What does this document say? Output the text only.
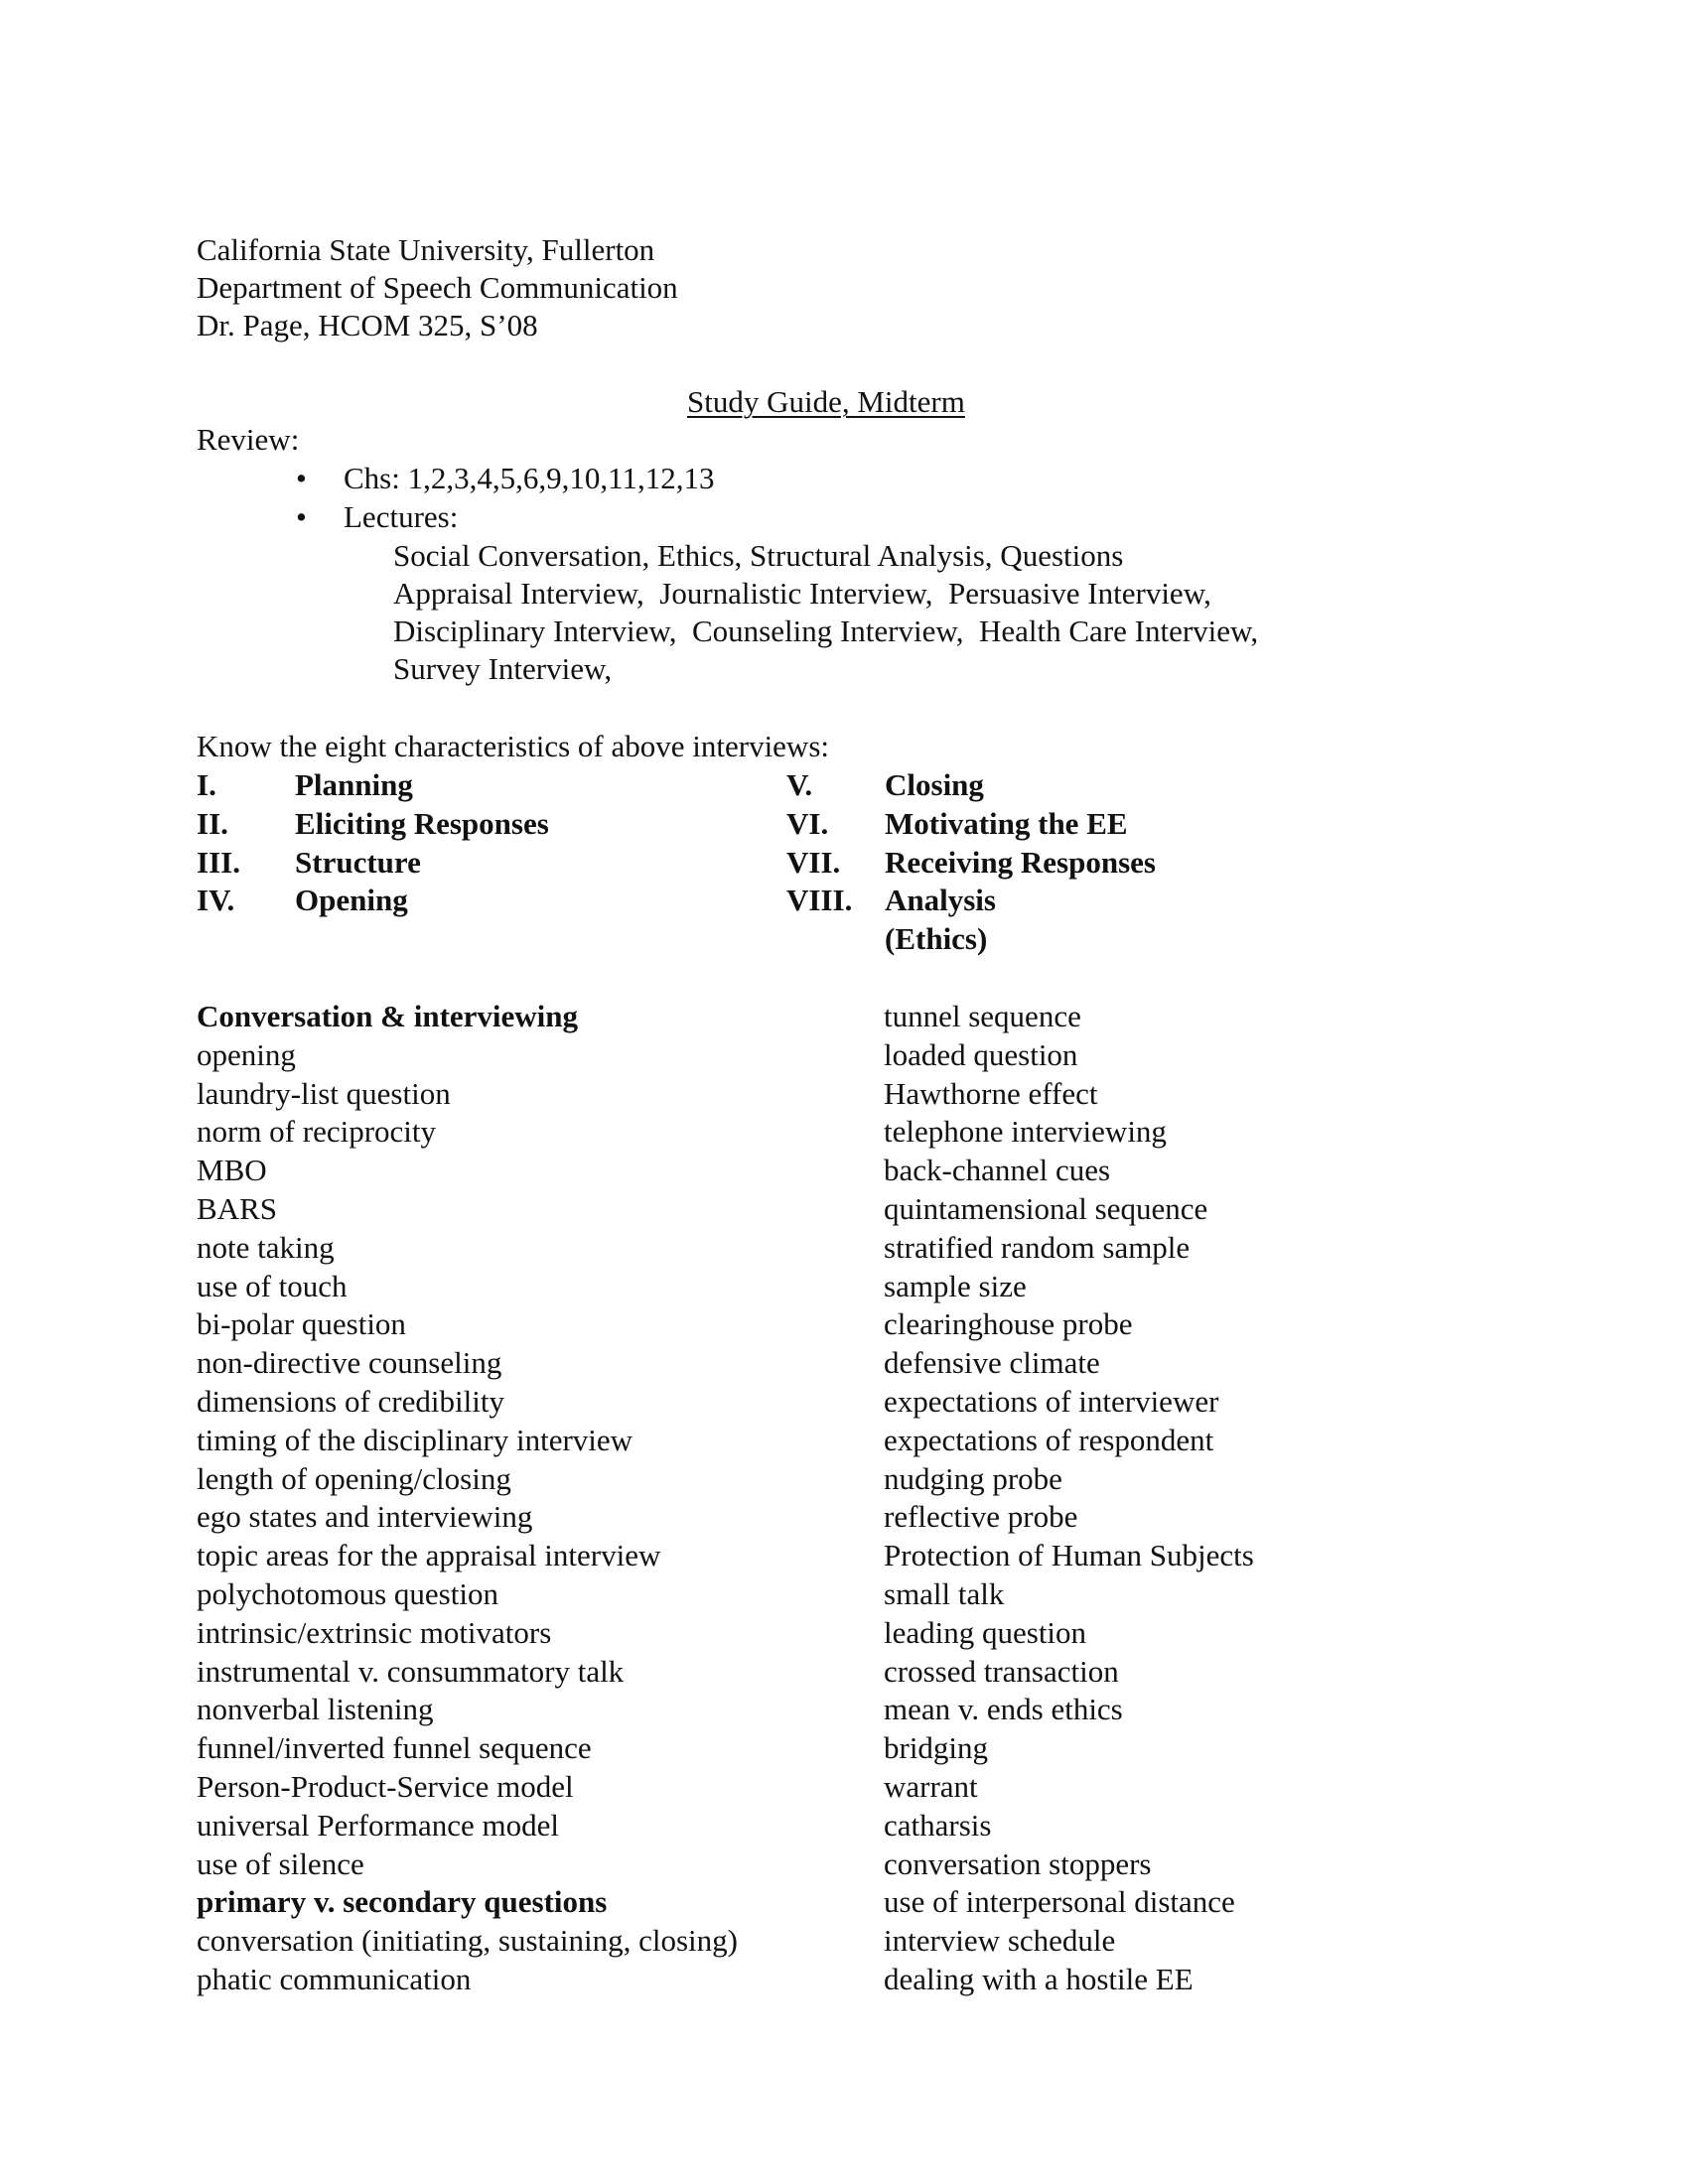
California State University, Fullerton
Department of Speech Communication
Dr. Page, HCOM 325, S’08
Study Guide, Midterm
Review:
• Chs: 1,2,3,4,5,6,9,10,11,12,13
• Lectures:
Social Conversation, Ethics, Structural Analysis, Questions
Appraisal Interview,  Journalistic Interview,  Persuasive Interview,
Disciplinary Interview,  Counseling Interview,  Health Care Interview,
Survey Interview,
Know the eight characteristics of above interviews:
I.	Planning
II. Eliciting Responses
III. Structure
IV. Opening
V. Closing
VI. Motivating the EE
VII. Receiving Responses
VIII. Analysis
(Ethics)
Conversation & interviewing
opening
laundry-list question
norm of reciprocity
MBO
BARS
note taking
use of touch
bi-polar question
non-directive counseling
dimensions of credibility
timing of the disciplinary interview
length of opening/closing
ego states and interviewing
topic areas for the appraisal interview
polychotomous question
intrinsic/extrinsic motivators
instrumental v. consummatory talk
nonverbal listening
funnel/inverted funnel sequence
Person-Product-Service model
universal Performance model
use of silence
primary v. secondary questions
conversation (initiating, sustaining, closing)
phatic communication
tunnel sequence
loaded question
Hawthorne effect
telephone interviewing
back-channel cues
quintamensional sequence
stratified random sample
sample size
clearinghouse probe
defensive climate
expectations of interviewer
expectations of respondent
nudging probe
reflective probe
Protection of Human Subjects
small talk
leading question
crossed transaction
mean v. ends ethics
bridging
warrant
catharsis
conversation stoppers
use of interpersonal distance
interview schedule
dealing with a hostile EE
